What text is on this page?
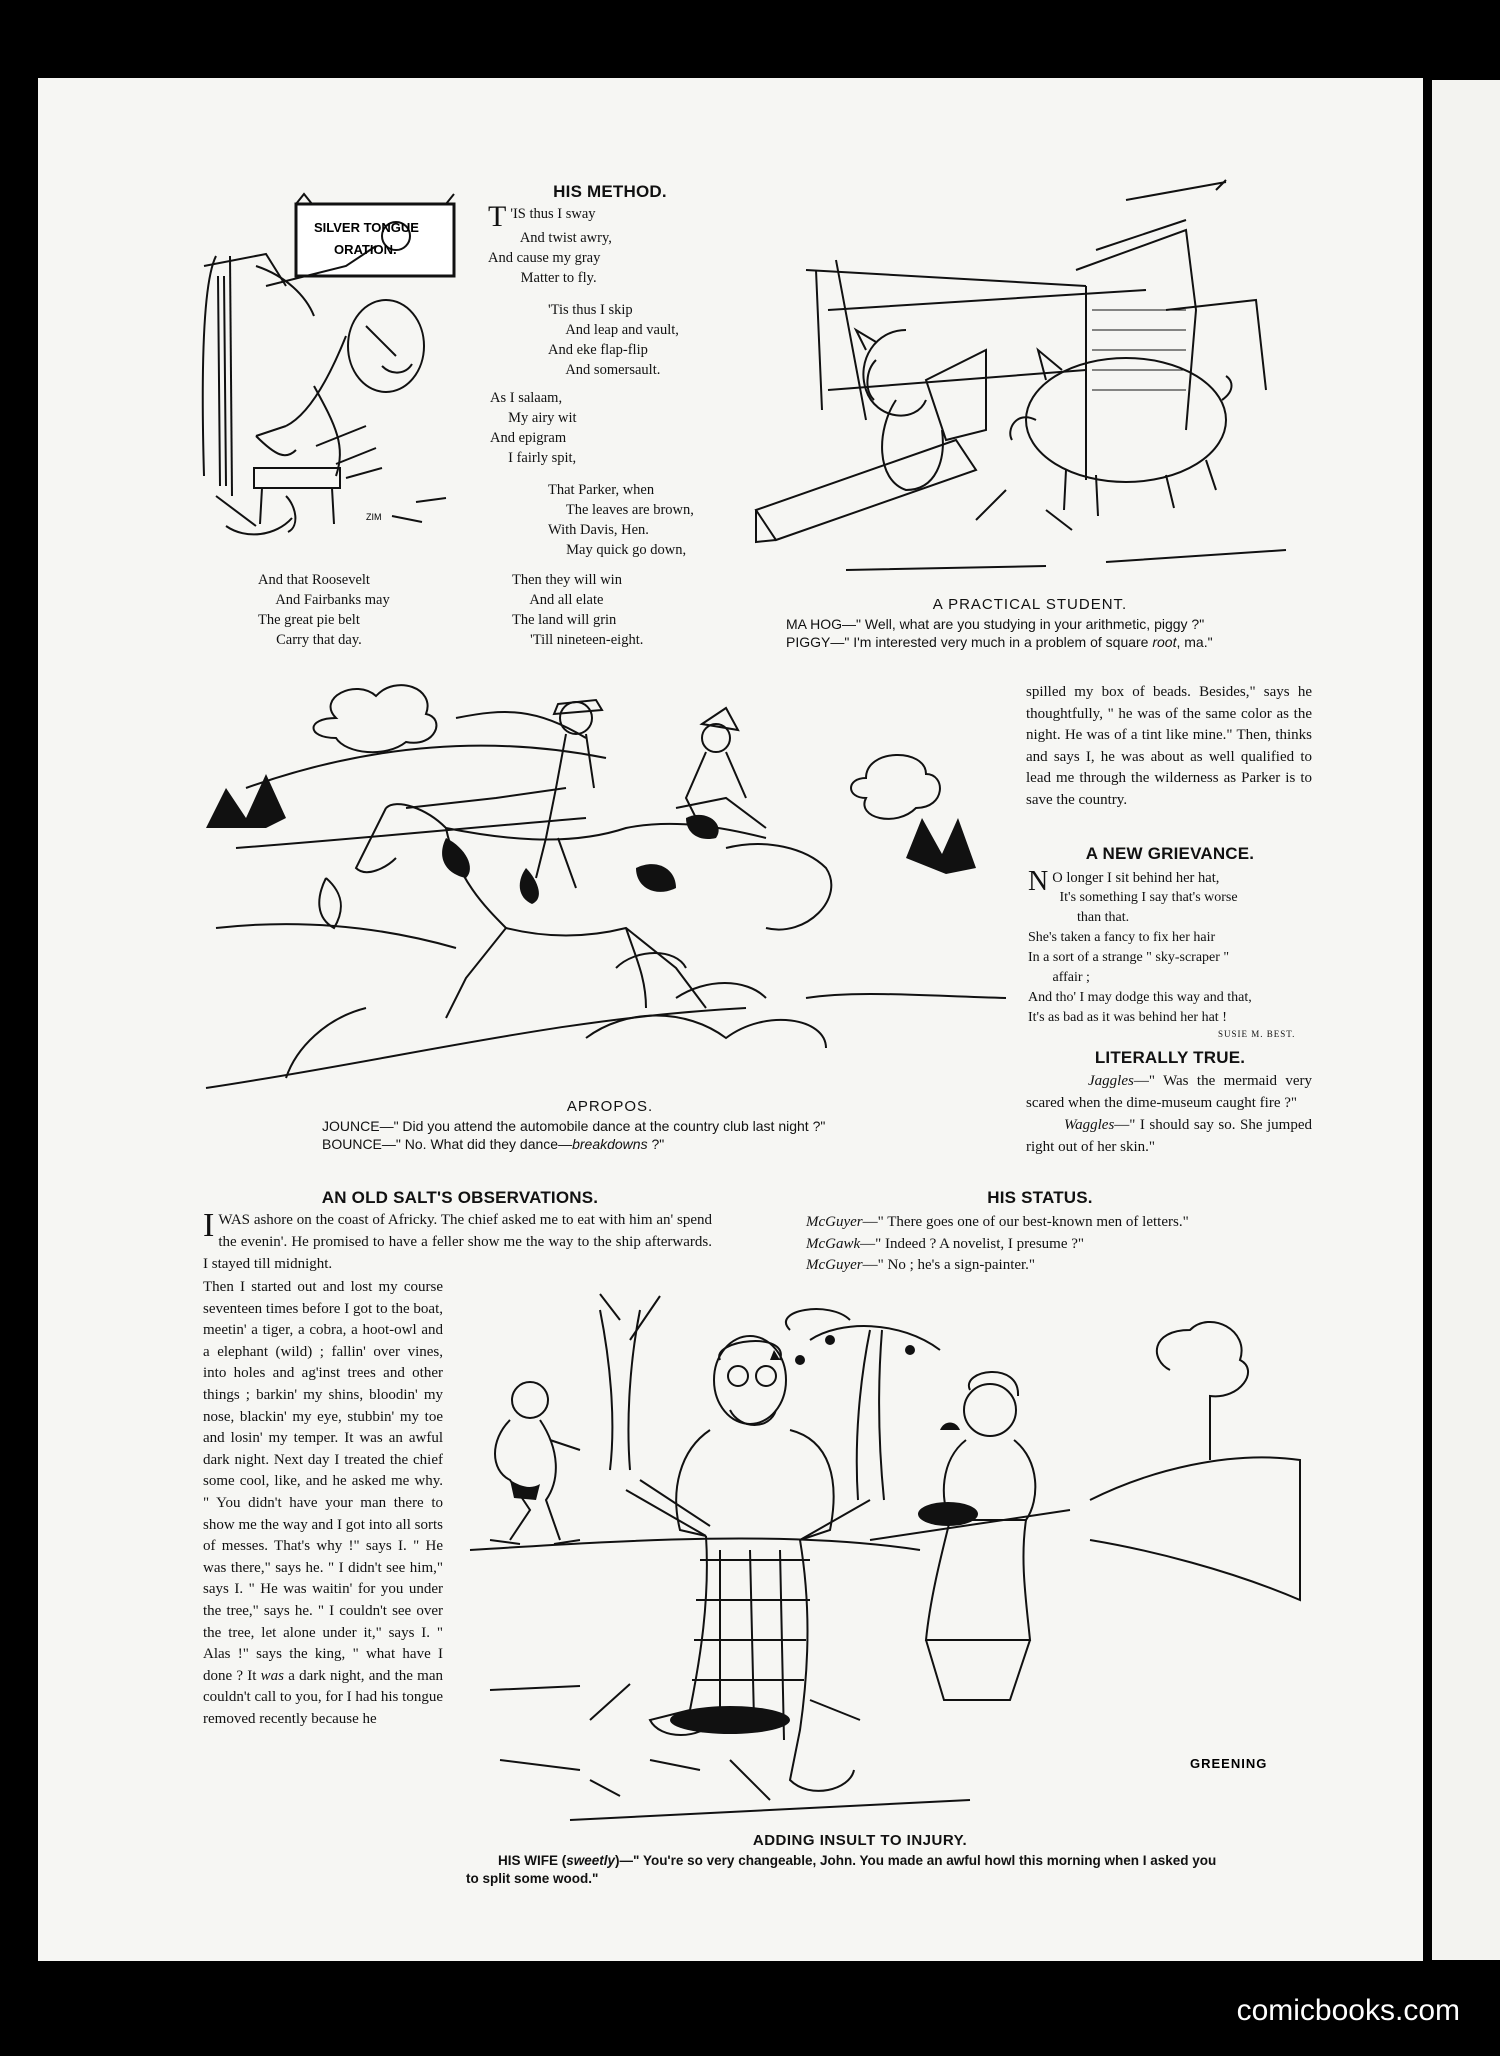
SILVER TONGUE
ORATION.
ZIM
HIS METHOD.
T 'IS thus I sway
And twist awry,
And cause my gray
Matter to fly.
'Tis thus I skip
And leap and vault,
And eke flap-flip
And somersault.
As I salaam,
My airy wit
And epigram
I fairly spit,
That Parker, when
The leaves are brown,
With Davis, Hen.
May quick go down,
Then they will win
And all elate
The land will grin
'Till nineteen-eight.
And that Roosevelt
And Fairbanks may
The great pie belt
Carry that day.
A PRACTICAL STUDENT.
MA HOG—" Well, what are you studying in your arithmetic, piggy ?"
PIGGY—" I'm interested very much in a problem of square root, ma."
APROPOS.
JOUNCE—" Did you attend the automobile dance at the country club last night ?"
BOUNCE—" No. What did they dance—breakdowns ?"
spilled my box of beads. Besides," says he thoughtfully, " he was of the same color as the night. He was of a tint like mine." Then, thinks and says I, he was about as well qualified to lead me through the wilderness as Parker is to save the country.
A NEW GRIEVANCE.
N O longer I sit behind her hat,
It's something I say that's worse
than that.
She's taken a fancy to fix her hair
In a sort of a strange " sky-scraper "
affair ;
And tho' I may dodge this way and that,
It's as bad as it was behind her hat !
SUSIE M. BEST.
LITERALLY TRUE.

Jaggles—" Was the mermaid very scared when the dime-museum caught fire ?"

Waggles—" I should say so. She jumped right out of her skin."

AN OLD SALT'S OBSERVATIONS.
I WAS ashore on the coast of Africky. The chief asked me to eat with him an' spend the evenin'. He promised to have a feller show me the way to the ship afterwards. I stayed till midnight.
Then I started out and lost my course seventeen times before I got to the boat, meetin' a tiger, a cobra, a hoot-owl and a elephant (wild) ; fallin' over vines, into holes and ag'inst trees and other things ; barkin' my shins, bloodin' my nose, blackin' my eye, stubbin' my toe and losin' my temper. It was an awful dark night. Next day I treated the chief some cool, like, and he asked me why. " You didn't have your man there to show me the way and I got into all sorts of messes. That's why !" says I. " He was there," says he. " I didn't see him," says I. " He was waitin' for you under the tree," says he. " I couldn't see over the tree, let alone under it," says I. " Alas !" says the king, " what have I done ? It was a dark night, and the man couldn't call to you, for I had his tongue removed recently because he
HIS STATUS.
McGuyer—" There goes one of our best-known men of letters."
McGawk—" Indeed ? A novelist, I presume ?"
McGuyer—" No ; he's a sign-painter."
GREENING
ADDING INSULT TO INJURY.
HIS WIFE (sweetly)—" You're so very changeable, John. You made an awful howl this morning when I asked you
to split some wood."
comicbooks.com
